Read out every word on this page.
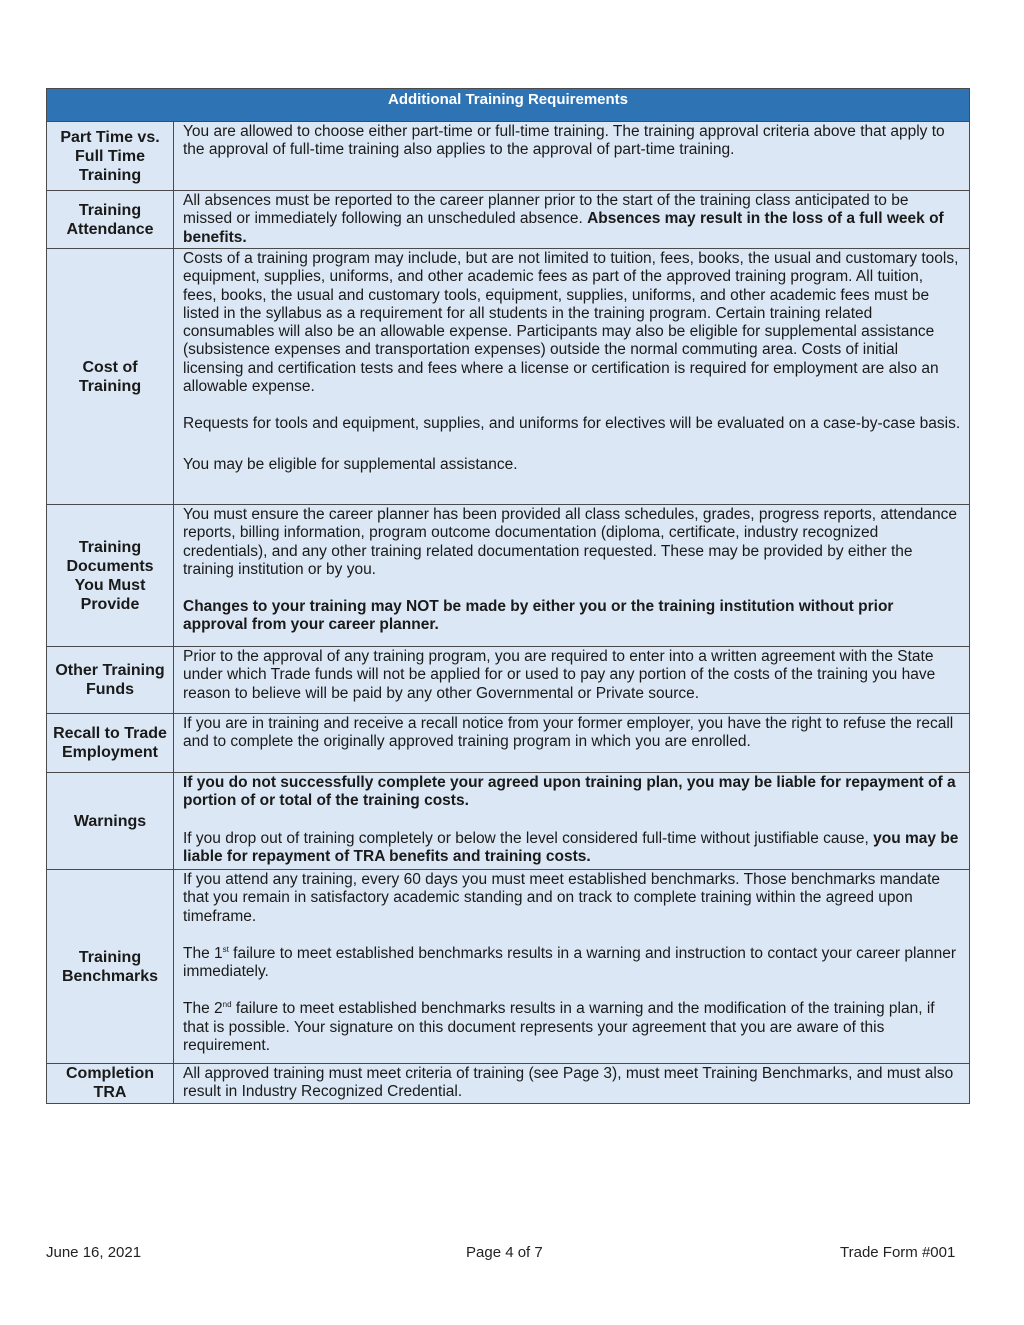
Additional Training Requirements	

Part Time vs. Full Time Training	You are allowed to choose either part-time or full-time training. The training approval criteria above that apply to the approval of full-time training also applies to the approval of part-time training.

Training Attendance	All absences must be reported to the career planner prior to the start of the training class anticipated to be missed or immediately following an unscheduled absence. Absences may result in the loss of a full week of benefits.

Cost of Training	Costs of a training program may include, but are not limited to tuition, fees, books, the usual and customary tools, equipment, supplies, uniforms, and other academic fees as part of the approved training program. All tuition, fees, books, the usual and customary tools, equipment, supplies, uniforms, and other academic fees must be listed in the syllabus as a requirement for all students in the training program. Certain training related consumables will also be an allowable expense. Participants may also be eligible for supplemental assistance (subsistence expenses and transportation expenses) outside the normal commuting area. Costs of initial licensing and certification tests and fees where a license or certification is required for employment are also an allowable expense.

Requests for tools and equipment, supplies, and uniforms for electives will be evaluated on a case-by-case basis.

You may be eligible for supplemental assistance.

Training Documents You Must Provide	You must ensure the career planner has been provided all class schedules, grades, progress reports, attendance reports, billing information, program outcome documentation (diploma, certificate, industry recognized credentials), and any other training related documentation requested. These may be provided by either the training institution or by you.

Changes to your training may NOT be made by either you or the training institution without prior approval from your career planner.

Other Training Funds	Prior to the approval of any training program, you are required to enter into a written agreement with the State under which Trade funds will not be applied for or used to pay any portion of the costs of the training you have reason to believe will be paid by any other Governmental or Private source.

Recall to Trade Employment	If you are in training and receive a recall notice from your former employer, you have the right to refuse the recall and to complete the originally approved training program in which you are enrolled.

Warnings	If you do not successfully complete your agreed upon training plan, you may be liable for repayment of a portion of or total of the training costs.

If you drop out of training completely or below the level considered full-time without justifiable cause, you may be liable for repayment of TRA benefits and training costs.

Training Benchmarks	If you attend any training, every 60 days you must meet established benchmarks. Those benchmarks mandate that you remain in satisfactory academic standing and on track to complete training within the agreed upon timeframe.

The 1st failure to meet established benchmarks results in a warning and instruction to contact your career planner immediately.

The 2nd failure to meet established benchmarks results in a warning and the modification of the training plan, if that is possible. Your signature on this document represents your agreement that you are aware of this requirement.

Completion TRA	All approved training must meet criteria of training (see Page 3), must meet Training Benchmarks, and must also result in Industry Recognized Credential.

June 16, 2021	Page 4 of 7	Trade Form #001
